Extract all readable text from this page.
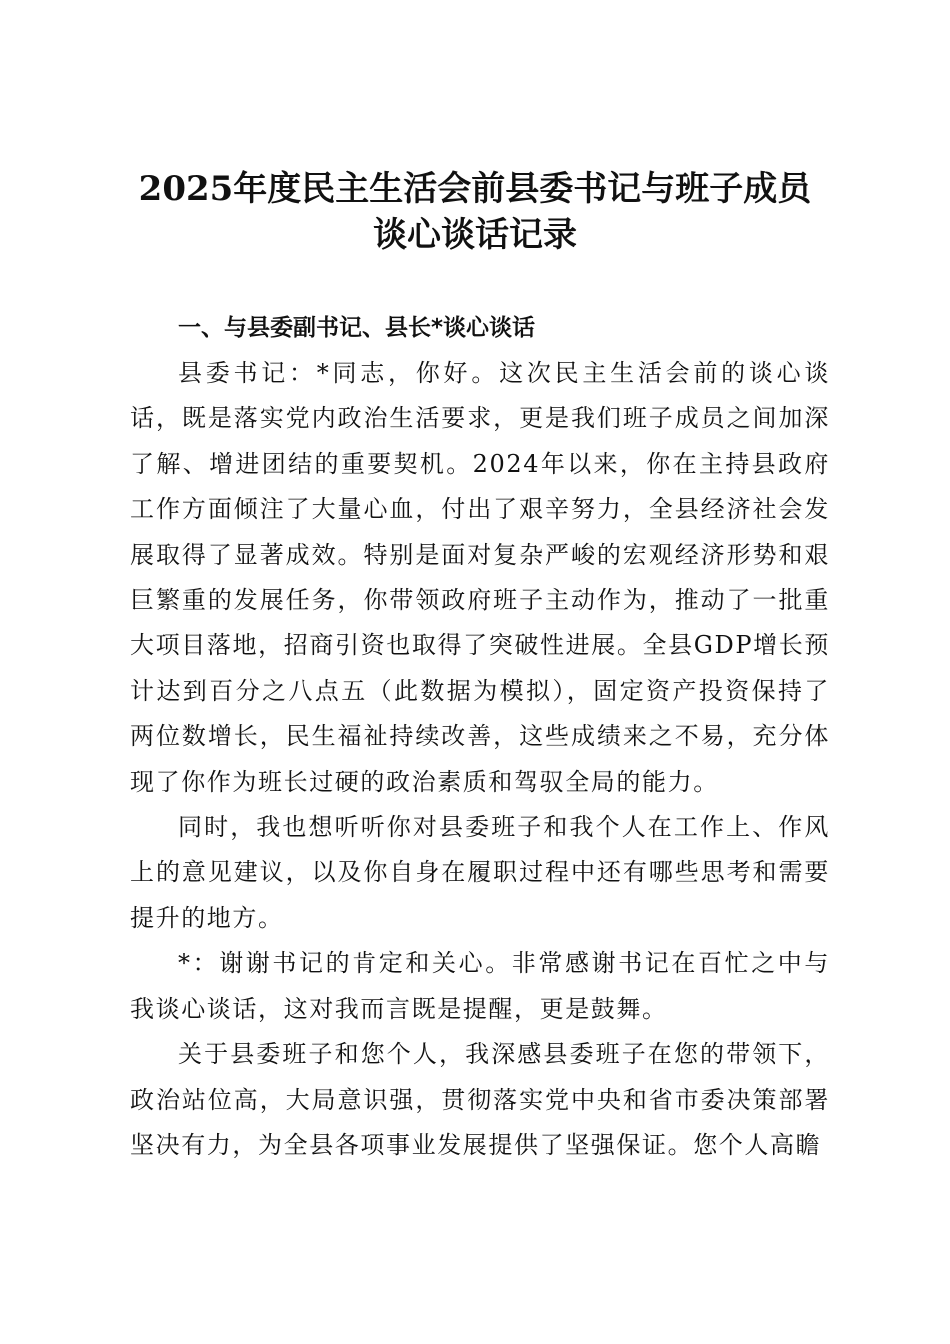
2025年度民主生活会前县委书记与班子成员
谈心谈话记录
一、与县委副书记、县长*谈心谈话

县委书记：*同志，你好。这次民主生活会前的谈心谈话，既是落实党内政治生活要求，更是我们班子成员之间加深了解、增进团结的重要契机。2024年以来，你在主持县政府工作方面倾注了大量心血，付出了艰辛努力，全县经济社会发展取得了显著成效。特别是面对复杂严峻的宏观经济形势和艰巨繁重的发展任务，你带领政府班子主动作为，推动了一批重大项目落地，招商引资也取得了突破性进展。全县GDP增长预计达到百分之八点五（此数据为模拟），固定资产投资保持了两位数增长，民生福祉持续改善，这些成绩来之不易，充分体现了你作为班长过硬的政治素质和驾驭全局的能力。

同时，我也想听听你对县委班子和我个人在工作上、作风上的意见建议，以及你自身在履职过程中还有哪些思考和需要提升的地方。

*：谢谢书记的肯定和关心。非常感谢书记在百忙之中与我谈心谈话，这对我而言既是提醒，更是鼓舞。

关于县委班子和您个人，我深感县委班子在您的带领下，政治站位高，大局意识强，贯彻落实党中央和省市委决策部署坚决有力，为全县各项事业发展提供了坚强保证。您个人高瞻
